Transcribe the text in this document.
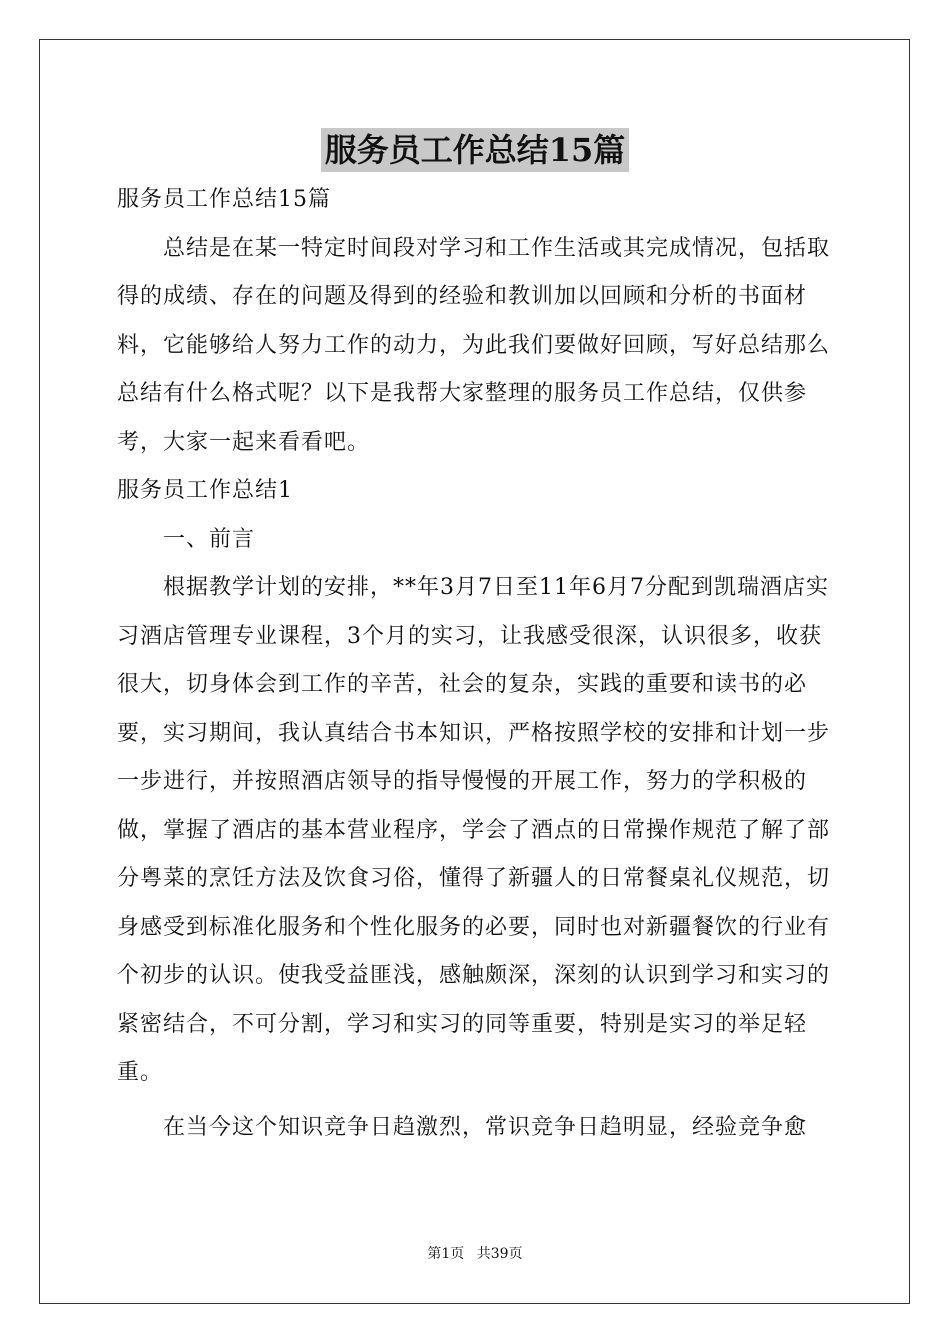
服务员工作总结15篇

服务员工作总结15篇

总结是在某一特定时间段对学习和工作生活或其完成情况，包括取得的成绩、存在的问题及得到的经验和教训加以回顾和分析的书面材料，它能够给人努力工作的动力，为此我们要做好回顾，写好总结那么总结有什么格式呢？以下是我帮大家整理的服务员工作总结，仅供参考，大家一起来看看吧。

服务员工作总结1

一、前言

根据教学计划的安排，**年3月7日至11年6月7分配到凯瑞酒店实习酒店管理专业课程，3个月的实习，让我感受很深，认识很多，收获很大，切身体会到工作的辛苦，社会的复杂，实践的重要和读书的必要，实习期间，我认真结合书本知识，严格按照学校的安排和计划一步一步进行，并按照酒店领导的指导慢慢的开展工作，努力的学积极的做，掌握了酒店的基本营业程序，学会了酒点的日常操作规范了解了部分粤菜的烹饪方法及饮食习俗，懂得了新疆人的日常餐桌礼仪规范，切身感受到标准化服务和个性化服务的必要，同时也对新疆餐饮的行业有个初步的认识。使我受益匪浅，感触颇深，深刻的认识到学习和实习的紧密结合，不可分割，学习和实习的同等重要，特别是实习的举足轻重。

在当今这个知识竞争日趋激烈，常识竞争日趋明显，经验竞争愈

第1页 共39页
